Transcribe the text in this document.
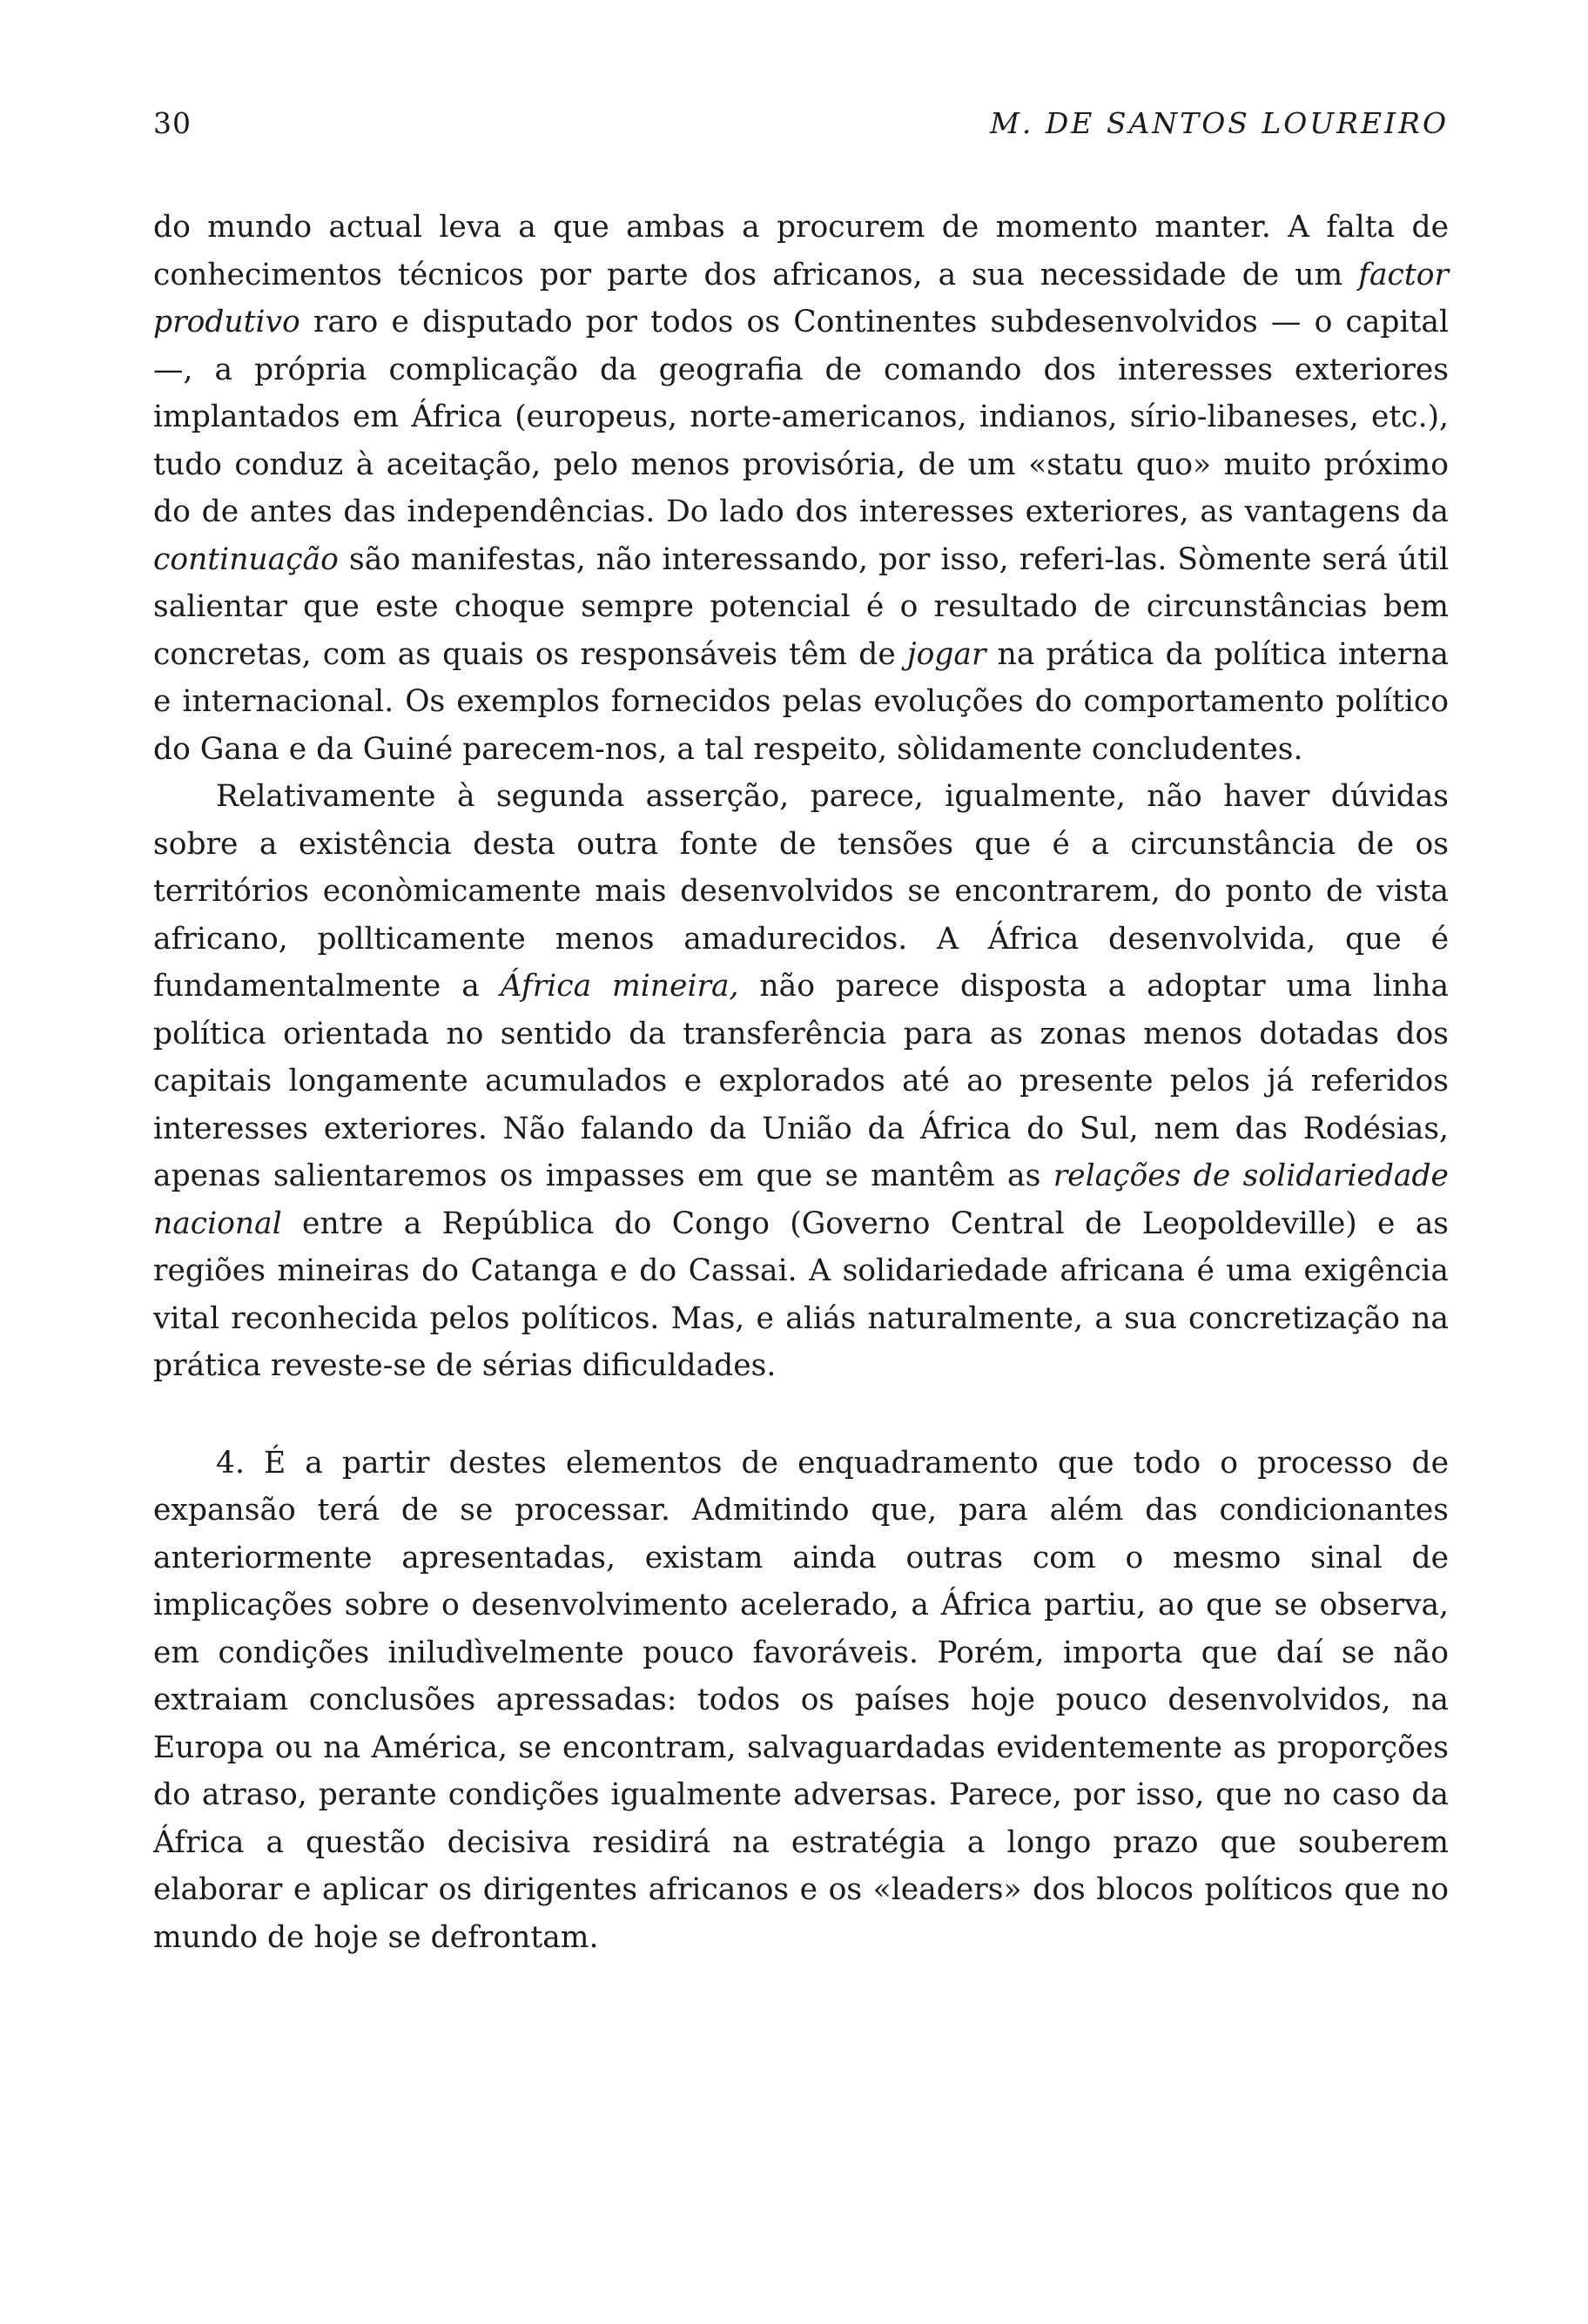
30	M. DE SANTOS LOUREIRO

do mundo actual leva a que ambas a procurem de momento manter. A falta de conhecimentos técnicos por parte dos africanos, a sua necessidade de um factor produtivo raro e disputado por todos os Continentes subdesenvolvidos — o capital —, a própria complicação da geografia de comando dos interesses exteriores implantados em África (europeus, norte-americanos, indianos, sírio-libaneses, etc.), tudo conduz à aceitação, pelo menos provisória, de um «statu quo» muito próximo do de antes das independências. Do lado dos interesses exteriores, as vantagens da continuação são manifestas, não interessando, por isso, referi-las. Sòmente será útil salientar que este choque sempre potencial é o resultado de circunstâncias bem concretas, com as quais os responsáveis têm de jogar na prática da política interna e internacional. Os exemplos fornecidos pelas evoluções do comportamento político do Gana e da Guiné parecem-nos, a tal respeito, sòlidamente concludentes.

Relativamente à segunda asserção, parece, igualmente, não haver dúvidas sobre a existência desta outra fonte de tensões que é a circunstância de os territórios econòmicamente mais desenvolvidos se encontrarem, do ponto de vista africano, pollticamente menos amadurecidos. A África desenvolvida, que é fundamentalmente a África mineira, não parece disposta a adoptar uma linha política orientada no sentido da transferência para as zonas menos dotadas dos capitais longamente acumulados e explorados até ao presente pelos já referidos interesses exteriores. Não falando da União da África do Sul, nem das Rodésias, apenas salientaremos os impasses em que se mantêm as relações de solidariedade nacional entre a República do Congo (Governo Central de Leopoldeville) e as regiões mineiras do Catanga e do Cassai. A solidariedade africana é uma exigência vital reconhecida pelos políticos. Mas, e aliás naturalmente, a sua concretização na prática reveste-se de sérias dificuldades.

4. É a partir destes elementos de enquadramento que todo o processo de expansão terá de se processar. Admitindo que, para além das condicionantes anteriormente apresentadas, existam ainda outras com o mesmo sinal de implicações sobre o desenvolvimento acelerado, a África partiu, ao que se observa, em condições iniludìvelmente pouco favoráveis. Porém, importa que daí se não extraiam conclusões apressadas: todos os países hoje pouco desenvolvidos, na Europa ou na América, se encontram, salvaguardadas evidentemente as proporções do atraso, perante condições igualmente adversas. Parece, por isso, que no caso da África a questão decisiva residirá na estratégia a longo prazo que souberem elaborar e aplicar os dirigentes africanos e os «leaders» dos blocos políticos que no mundo de hoje se defrontam.
